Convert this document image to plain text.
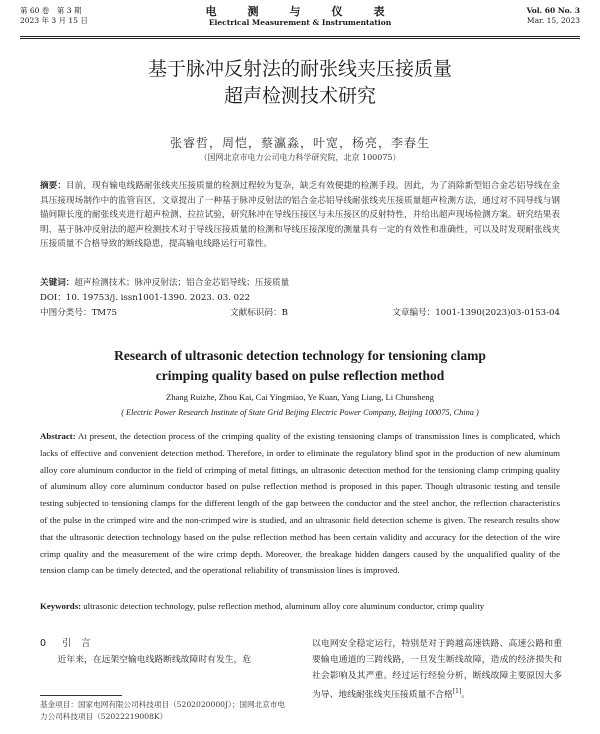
第 60 卷　第 3 期
2023 年 3 月 15 日
电　测　与　仪　表
Electrical Measurement & Instrumentation
Vol. 60 No. 3
Mar. 15, 2023
基于脉冲反射法的耐张线夹压接质量
超声检测技术研究
张睿哲，周恺，蔡瀛淼，叶宽，杨亮，李春生
（国网北京市电力公司电力科学研究院，北京 100075）
摘要：目前，现有输电线路耐张线夹压接质量的检测过程较为复杂，缺乏有效便捷的检测手段。因此，为了消除新型铝合金芯铝导线在金具压接现场制作中的监管盲区，文章提出了一种基于脉冲反射法的铝合金芯铝导线耐张线夹压接质量超声检测方法，通过对不同导线与钢锚间隙长度的耐张线夹进行超声检测、拉拉试验，研究脉冲在导线压接区与未压接区的反射特性，并给出超声现场检测方案。研究结果表明，基于脉冲反射法的超声检测技术对于导线压接质量的检测和导线压接深度的测量具有一定的有效性和准确性，可以及时发现耐张线夹压接质量不合格导致的断线隐患，提高输电线路运行可靠性。
关键词：超声检测技术；脉冲反射法；铝合金芯铝导线；压接质量
DOI：10. 19753/j. issn1001-1390. 2023. 03. 022
中图分类号：TM75	文献标识码：B	文章编号：1001-1390(2023)03-0153-04
Research of ultrasonic detection technology for tensioning clamp
crimping quality based on pulse reflection method
Zhang Ruizhe, Zhou Kai, Cai Yingmiao, Ye Kuan, Yang Liang, Li Chunsheng
( Electric Power Research Institute of State Grid Beijing Electric Power Company, Beijing 100075, China )
Abstract: At present, the detection process of the crimping quality of the existing tensioning clamps of transmission lines is complicated, which lacks of effective and convenient detection method. Therefore, in order to eliminate the regulatory blind spot in the production of new aluminum alloy core aluminum conductor in the field of crimping of metal fittings, an ultrasonic detection method for the tensioning clamp crimping quality of aluminum alloy core aluminum conductor based on pulse reflection method is proposed in this paper. Though ultrasonic testing and tensile testing subjected to tensioning clamps for the different length of the gap between the conductor and the steel anchor, the reflection characteristics of the pulse in the crimped wire and the non-crimped wire is studied, and an ultrasonic field detection scheme is given. The research results show that the ultrasonic detection technology based on the pulse reflection method has been certain validity and accuracy for the detection of the wire crimp quality and the measurement of the wire crimp depth. Moreover, the breakage hidden dangers caused by the unqualified quality of the tension clamp can be timely detected, and the operational reliability of transmission lines is improved.
Keywords: ultrasonic detection technology, pulse reflection method, aluminum alloy core aluminum conductor, crimp quality
0 引　言

近年来，在远架空输电线路断线故障时有发生，危

基金项目：国家电网有限公司科技项目（5202020000J）；国网北京市电力公司科技项目（52022219008K）
以电网安全稳定运行，特别是对于跨越高速铁路、高速公路和重要输电通道的三跨线路，一旦发生断线故障，造成的经济损失和社会影响及其严重。经过运行经验分析，断线故障主要原因大多为导、地线耐张线夹压接质量不合格[1]。
